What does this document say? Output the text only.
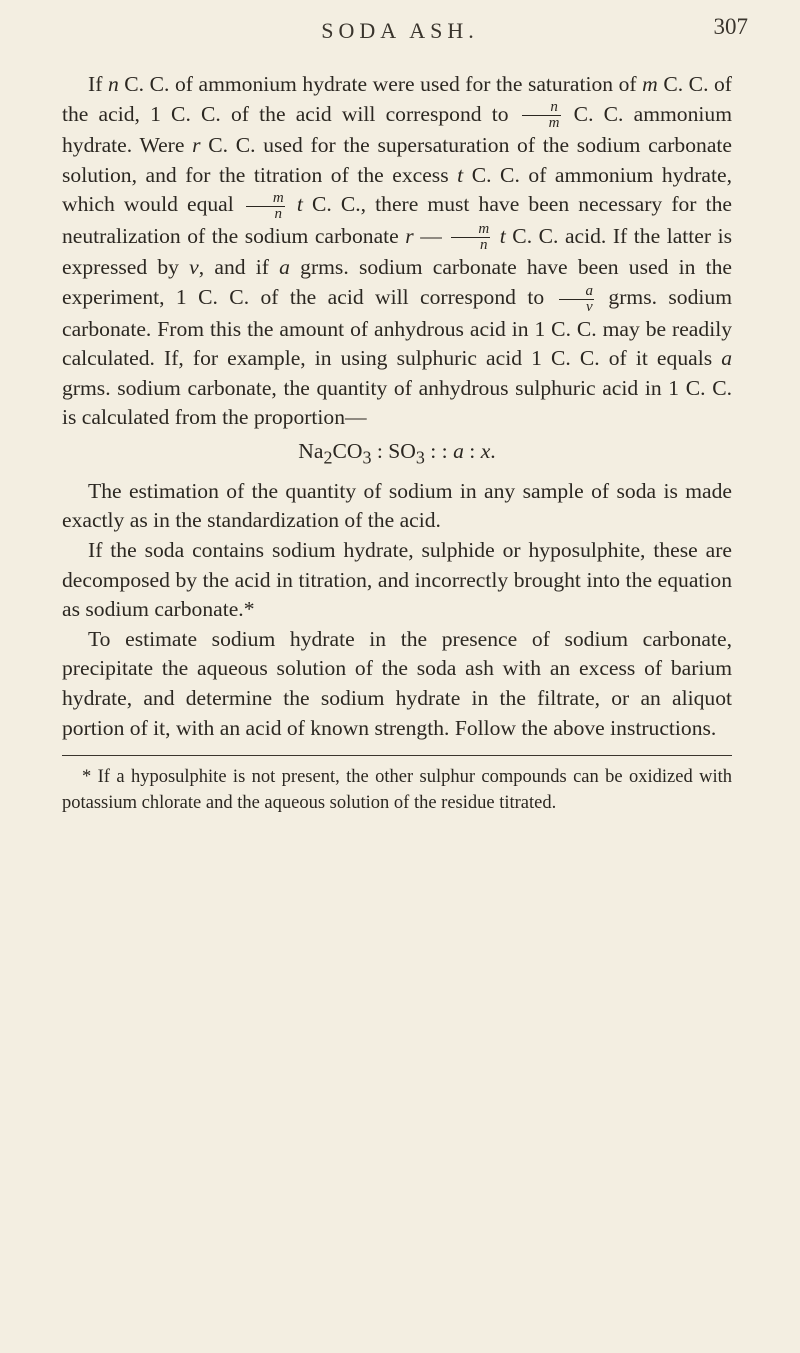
SODA ASH.	307

If n C. C. of ammonium hydrate were used for the saturation of m C. C. of the acid, 1 C. C. of the acid will correspond to $\frac{n}{m} C$. C. ammonium hydrate. Were r C. C. used for the supersaturation of the sodium carbonate solution, and for the titration of the excess t C. C. of ammonium hydrate, which would equal $\frac{m}{n}$ t C. C., there must have been necessary for the neutralization of the sodium carbonate r — $\frac{m}{n}$ t C. C. acid. If the latter is expressed by v, and if a grms. sodium carbonate have been used in the experiment, 1 C. C. of the acid will correspond to $\frac{a}{v}$ grms. sodium carbonate. From this the amount of anhydrous acid in 1 C. C. may be readily calculated. If, for example, in using sulphuric acid 1 C. C. of it equals a grms. sodium carbonate, the quantity of anhydrous sulphuric acid in 1 C. C. is calculated from the proportion—

$Na_2CO_3$ : $SO_3$ : : a : x.

The estimation of the quantity of sodium in any sample of soda is made exactly as in the standardization of the acid.

If the soda contains sodium hydrate, sulphide or hyposulphite, these are decomposed by the acid in titration, and incorrectly brought into the equation as sodium carbonate.*

To estimate sodium hydrate in the presence of sodium carbonate, precipitate the aqueous solution of the soda ash with an excess of barium hydrate, and determine the sodium hydrate in the filtrate, or an aliquot portion of it, with an acid of known strength. Follow the above instructions.

* If a hyposulphite is not present, the other sulphur compounds can be oxidized with potassium chlorate and the aqueous solution of the residue titrated.
